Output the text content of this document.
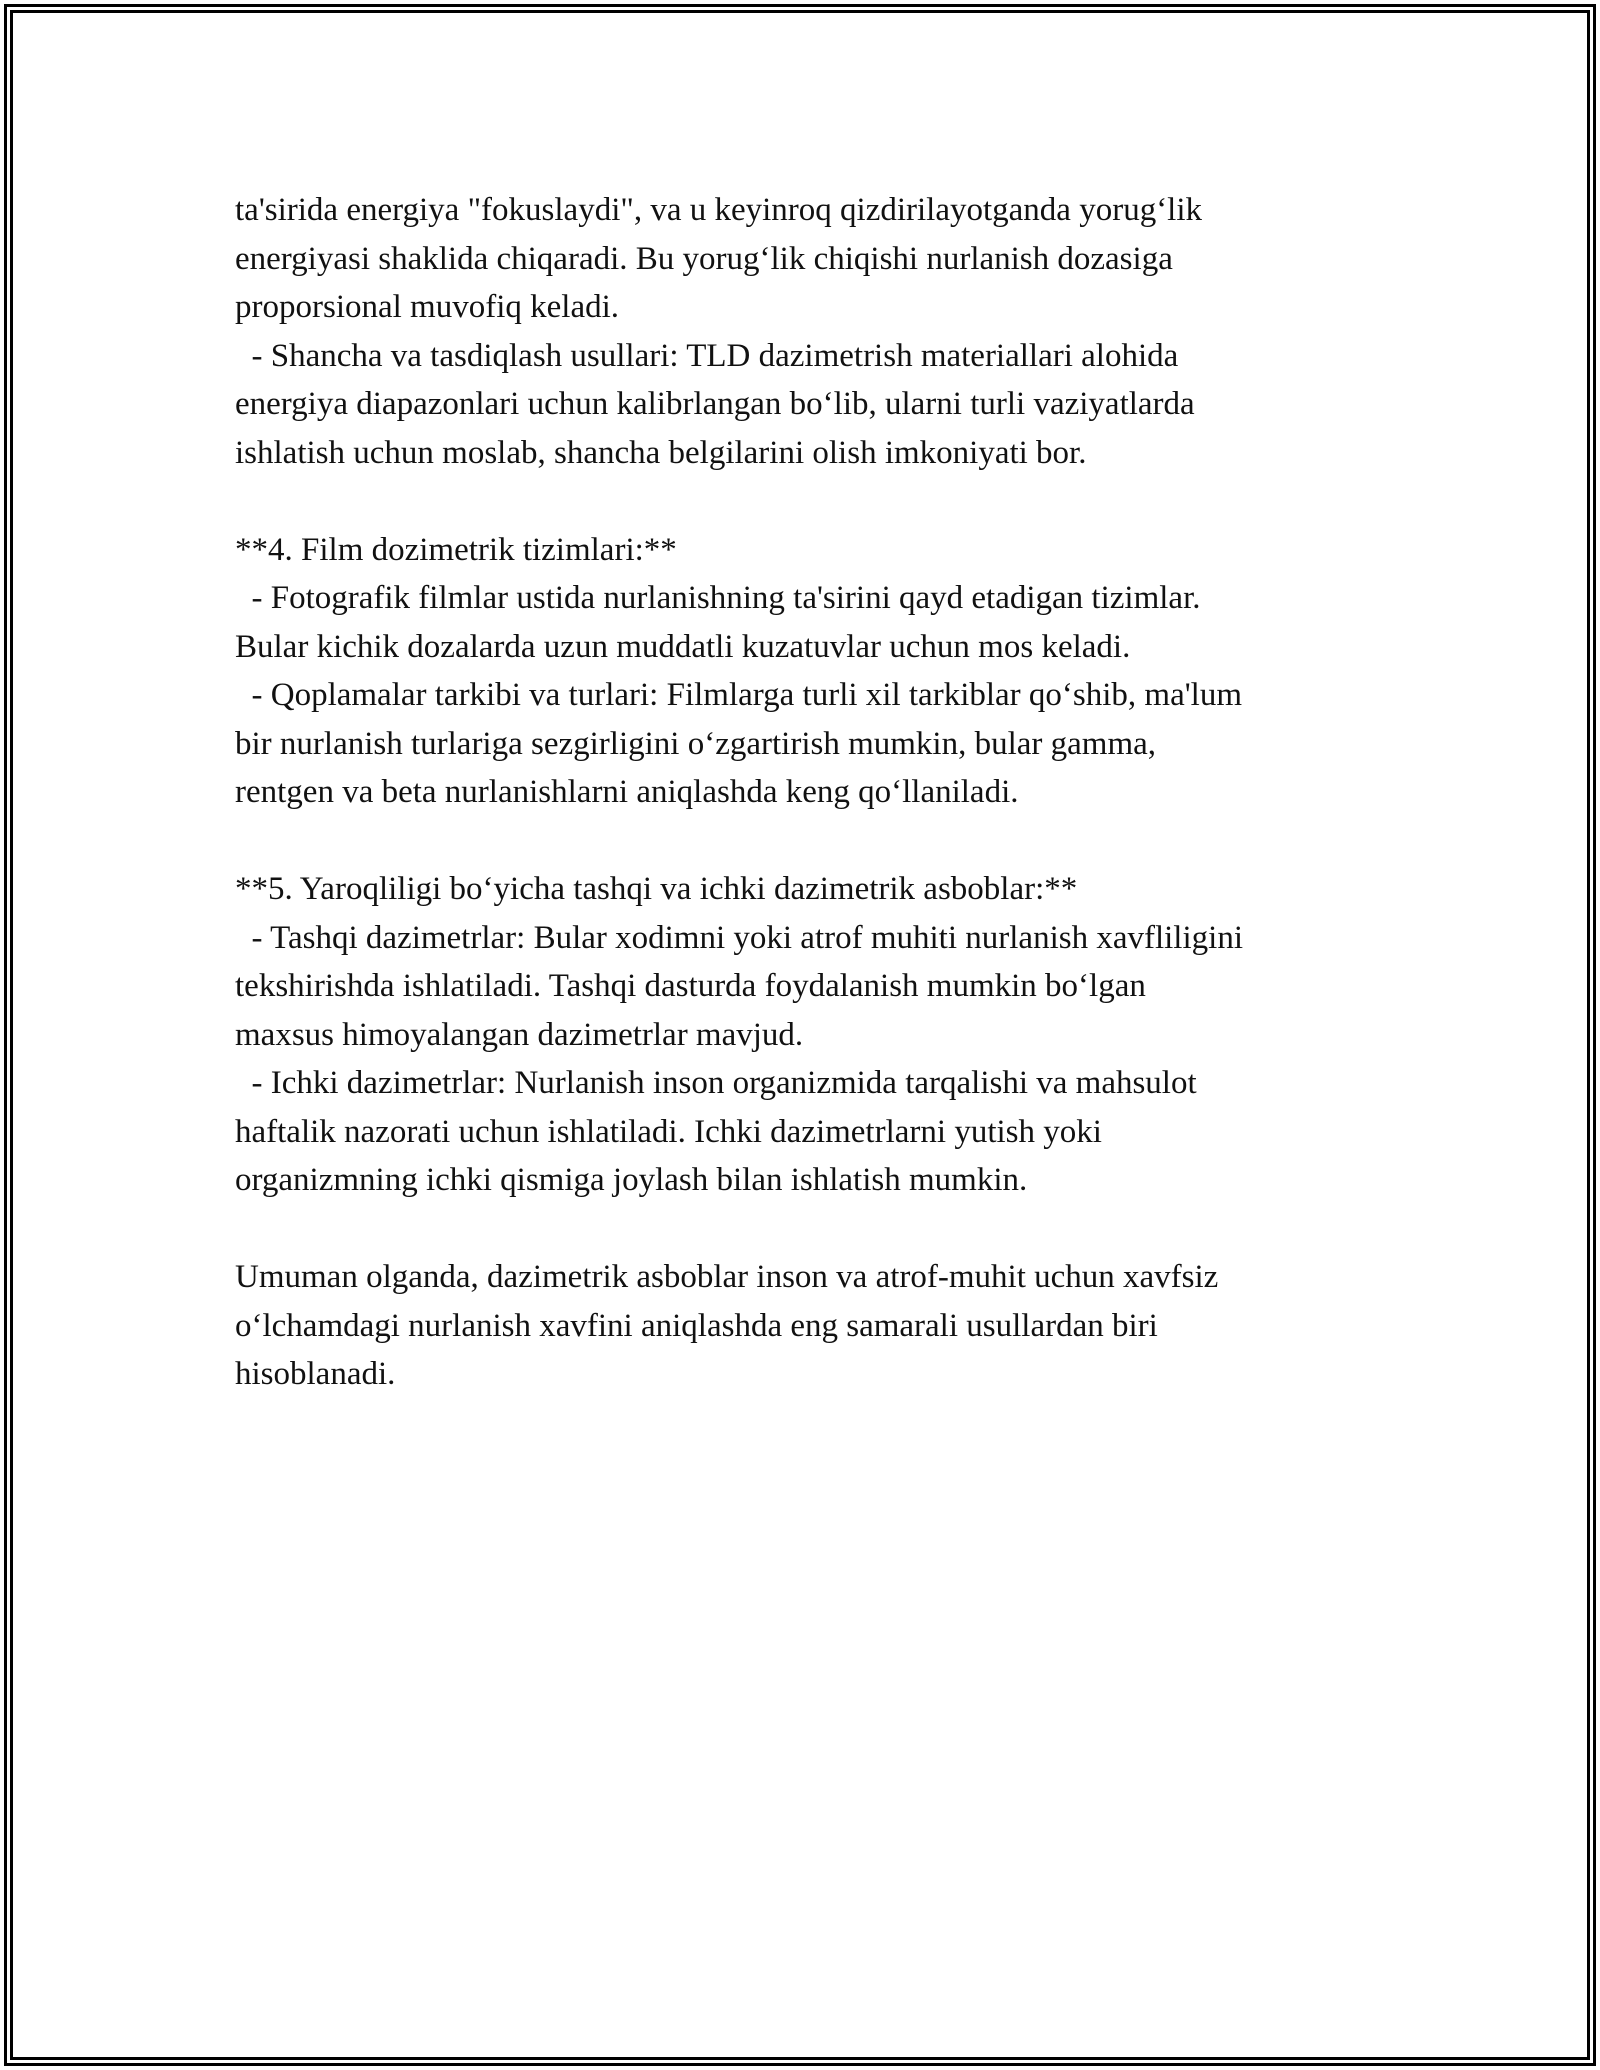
ta'sirida energiya "fokuslaydi", va u keyinroq qizdirilayotganda yorug‘lik
energiyasi shaklida chiqaradi. Bu yorug‘lik chiqishi nurlanish dozasiga
proporsional muvofiq keladi.
- Shancha va tasdiqlash usullari: TLD dazimetrish materiallari alohida
energiya diapazonlari uchun kalibrlangan bo‘lib, ularni turli vaziyatlarda
ishlatish uchun moslab, shancha belgilarini olish imkoniyati bor.
**4. Film dozimetrik tizimlari:**
- Fotografik filmlar ustida nurlanishning ta'sirini qayd etadigan tizimlar.
Bular kichik dozalarda uzun muddatli kuzatuvlar uchun mos keladi.
- Qoplamalar tarkibi va turlari: Filmlarga turli xil tarkiblar qo‘shib, ma'lum
bir nurlanish turlariga sezgirligini o‘zgartirish mumkin, bular gamma,
rentgen va beta nurlanishlarni aniqlashda keng qo‘llaniladi.
**5. Yaroqliligi bo‘yicha tashqi va ichki dazimetrik asboblar:**
- Tashqi dazimetrlar: Bular xodimni yoki atrof muhiti nurlanish xavfliligini
tekshirishda ishlatiladi. Tashqi dasturda foydalanish mumkin bo‘lgan
maxsus himoyalangan dazimetrlar mavjud.
- Ichki dazimetrlar: Nurlanish inson organizmida tarqalishi va mahsulot
haftalik nazorati uchun ishlatiladi. Ichki dazimetrlarni yutish yoki
organizmning ichki qismiga joylash bilan ishlatish mumkin.
Umuman olganda, dazimetrik asboblar inson va atrof-muhit uchun xavfsiz
o‘lchamdagi nurlanish xavfini aniqlashda eng samarali usullardan biri
hisoblanadi.
